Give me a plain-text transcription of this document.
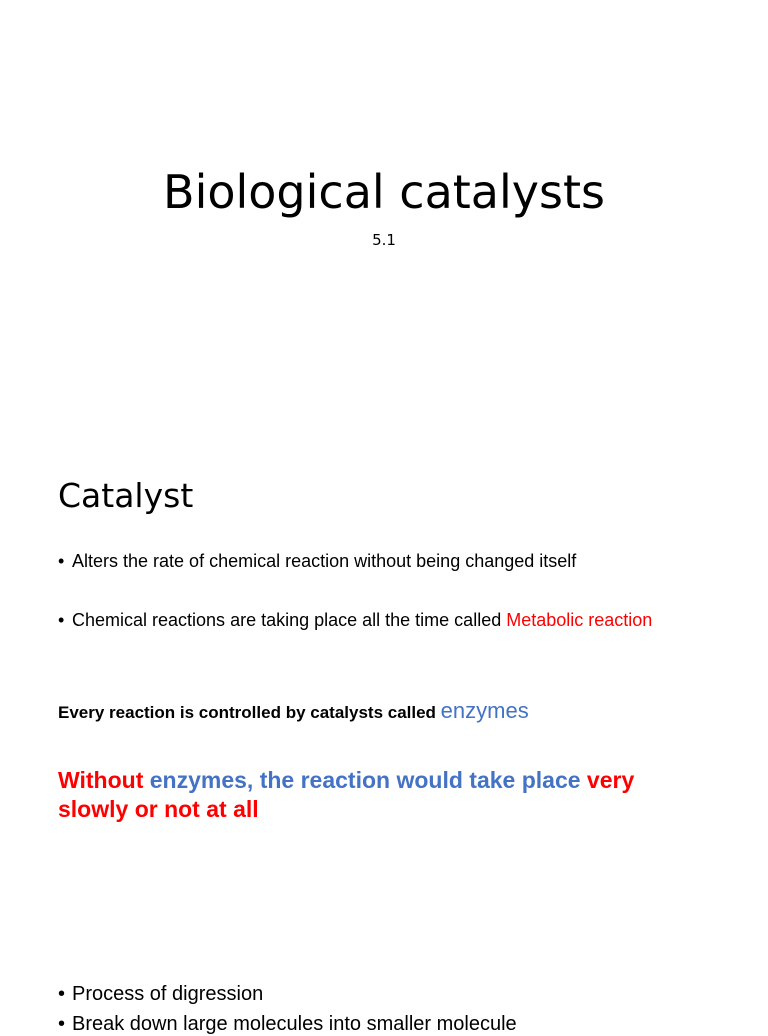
Biological catalysts
5.1
Catalyst
• Alters the rate of chemical reaction without being changed itself
• Chemical reactions are taking place all the time called Metabolic reaction
Every reaction is controlled by catalysts called enzymes
Without enzymes, the reaction would take place very slowly or not at all
• Process of digression
• Break down large molecules into smaller molecule
